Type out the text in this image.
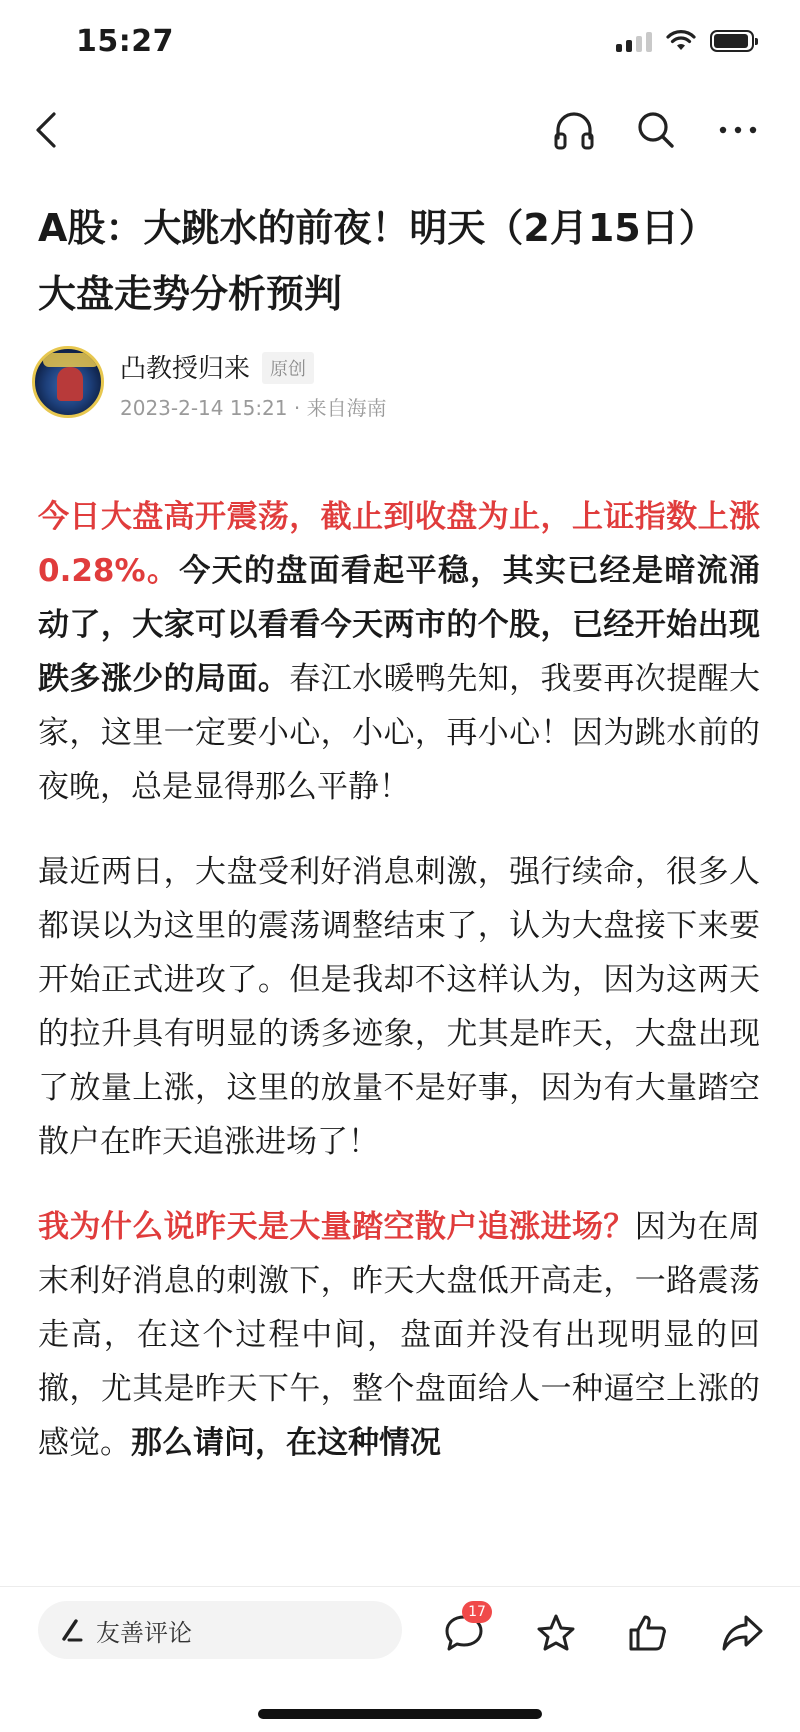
15:27
A股：大跳水的前夜！明天（2月15日）大盘走势分析预判
凸教授归来	原创
2023-2-14 15:21 · 来自海南

今日大盘高开震荡，截止到收盘为止，上证指数上涨0.28%。今天的盘面看起平稳，其实已经是暗流涌动了，大家可以看看今天两市的个股，已经开始出现跌多涨少的局面。春江水暖鸭先知，我要再次提醒大家，这里一定要小心，小心，再小心！因为跳水前的夜晚，总是显得那么平静！

最近两日，大盘受利好消息刺激，强行续命，很多人都误以为这里的震荡调整结束了，认为大盘接下来要开始正式进攻了。但是我却不这样认为，因为这两天的拉升具有明显的诱多迹象，尤其是昨天，大盘出现了放量上涨，这里的放量不是好事，因为有大量踏空散户在昨天追涨进场了！

我为什么说昨天是大量踏空散户追涨进场？因为在周末利好消息的刺激下，昨天大盘低开高走，一路震荡走高，在这个过程中间，盘面并没有出现明显的回撤，尤其是昨天下午，整个盘面给人一种逼空上涨的感觉。那么请问，在这种情况

友善评论
17
